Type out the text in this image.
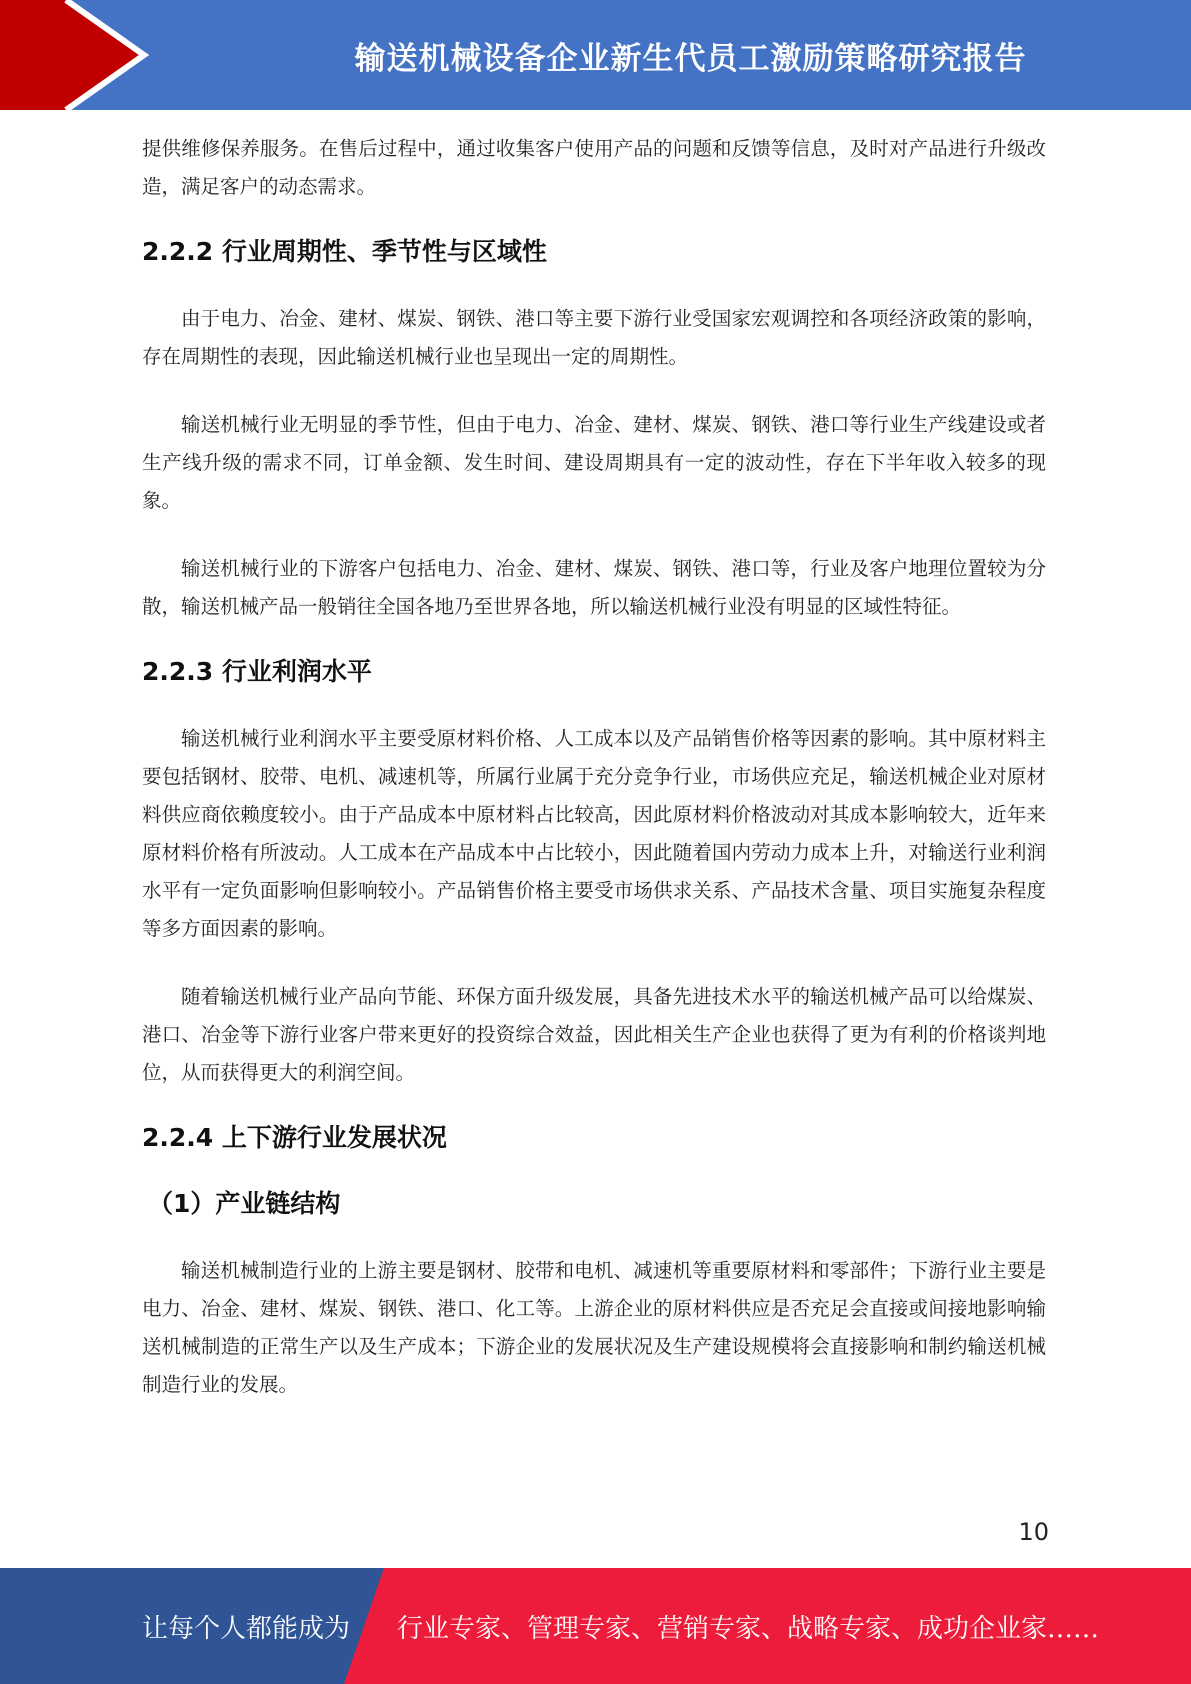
输送机械设备企业新生代员工激励策略研究报告

提供维修保养服务。在售后过程中，通过收集客户使用产品的问题和反馈等信息，及时对产品进行升级改造，满足客户的动态需求。

2.2.2 行业周期性、季节性与区域性

由于电力、冶金、建材、煤炭、钢铁、港口等主要下游行业受国家宏观调控和各项经济政策的影响，存在周期性的表现，因此输送机械行业也呈现出一定的周期性。

输送机械行业无明显的季节性，但由于电力、冶金、建材、煤炭、钢铁、港口等行业生产线建设或者生产线升级的需求不同，订单金额、发生时间、建设周期具有一定的波动性，存在下半年收入较多的现象。

输送机械行业的下游客户包括电力、冶金、建材、煤炭、钢铁、港口等，行业及客户地理位置较为分散，输送机械产品一般销往全国各地乃至世界各地，所以输送机械行业没有明显的区域性特征。

2.2.3 行业利润水平

输送机械行业利润水平主要受原材料价格、人工成本以及产品销售价格等因素的影响。其中原材料主要包括钢材、胶带、电机、减速机等，所属行业属于充分竞争行业，市场供应充足，输送机械企业对原材料供应商依赖度较小。由于产品成本中原材料占比较高，因此原材料价格波动对其成本影响较大，近年来原材料价格有所波动。人工成本在产品成本中占比较小，因此随着国内劳动力成本上升，对输送行业利润水平有一定负面影响但影响较小。产品销售价格主要受市场供求关系、产品技术含量、项目实施复杂程度等多方面因素的影响。

随着输送机械行业产品向节能、环保方面升级发展，具备先进技术水平的输送机械产品可以给煤炭、港口、冶金等下游行业客户带来更好的投资综合效益，因此相关生产企业也获得了更为有利的价格谈判地位，从而获得更大的利润空间。

2.2.4 上下游行业发展状况
（1）产业链结构

输送机械制造行业的上游主要是钢材、胶带和电机、减速机等重要原材料和零部件；下游行业主要是电力、冶金、建材、煤炭、钢铁、港口、化工等。上游企业的原材料供应是否充足会直接或间接地影响输送机械制造的正常生产以及生产成本；下游企业的发展状况及生产建设规模将会直接影响和制约输送机械制造行业的发展。

10
让每个人都能成为 行业专家、管理专家、营销专家、战略专家、成功企业家……
